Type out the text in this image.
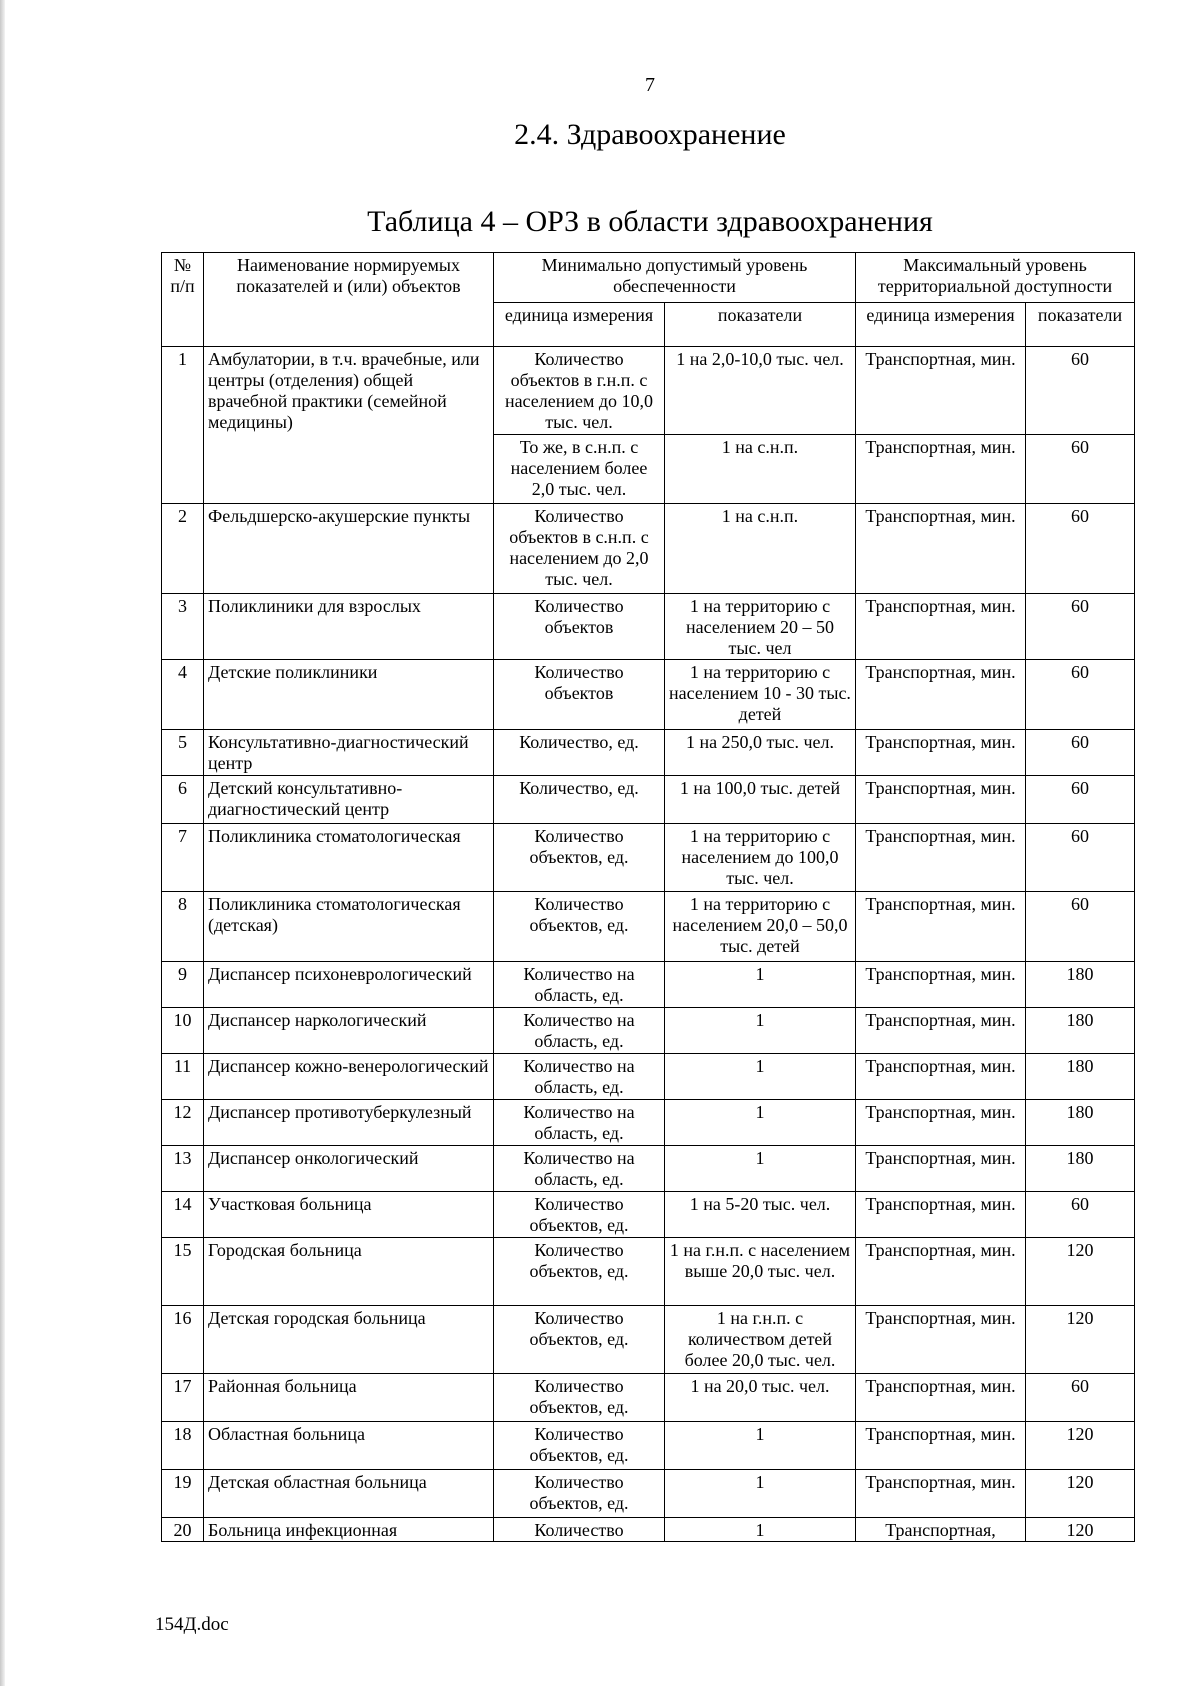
7
2.4. Здравоохранение
Таблица 4 – ОРЗ в области здравоохранения
№ п/п	Наименование нормируемых показателей и (или) объектов	Минимально допустимый уровень обеспеченности		Максимальный уровень территориальной доступности	
		единица измерения	показатели	единица измерения	показатели
1	Амбулатории, в т.ч. врачебные, или центры (отделения) общей врачебной практики (семейной медицины)	Количество объектов в г.н.п. с населением до 10,0 тыс. чел.	1 на 2,0-10,0 тыс. чел.	Транспортная, мин.	60
		То же, в с.н.п. с населением более 2,0 тыс. чел.	1 на с.н.п.	Транспортная, мин.	60
2	Фельдшерско-акушерские пункты	Количество объектов в с.н.п. с населением до 2,0 тыс. чел.	1 на с.н.п.	Транспортная, мин.	60
3	Поликлиники для взрослых	Количество объектов	1 на территорию с населением 20 – 50 тыс. чел	Транспортная, мин.	60
4	Детские поликлиники	Количество объектов	1 на территорию с населением 10 - 30 тыс. детей	Транспортная, мин.	60
5	Консультативно-диагностический центр	Количество, ед.	1 на 250,0 тыс. чел.	Транспортная, мин.	60
6	Детский консультативно-диагностический центр	Количество, ед.	1 на 100,0 тыс. детей	Транспортная, мин.	60
7	Поликлиника стоматологическая	Количество объектов, ед.	1 на территорию с населением до 100,0 тыс. чел.	Транспортная, мин.	60
8	Поликлиника стоматологическая (детская)	Количество объектов, ед.	1 на территорию с населением 20,0 – 50,0 тыс. детей	Транспортная, мин.	60
9	Диспансер психоневрологический	Количество на область, ед.	1	Транспортная, мин.	180
10	Диспансер наркологический	Количество на область, ед.	1	Транспортная, мин.	180
11	Диспансер кожно-венерологический	Количество на область, ед.	1	Транспортная, мин.	180
12	Диспансер противотуберкулезный	Количество на область, ед.	1	Транспортная, мин.	180
13	Диспансер онкологический	Количество на область, ед.	1	Транспортная, мин.	180
14	Участковая больница	Количество объектов, ед.	1 на 5-20 тыс. чел.	Транспортная, мин.	60
15	Городская больница	Количество объектов, ед.	1 на г.н.п. с населением выше 20,0 тыс. чел.	Транспортная, мин.	120
16	Детская городская больница	Количество объектов, ед.	1 на г.н.п. с количеством детей более 20,0 тыс. чел.	Транспортная, мин.	120
17	Районная больница	Количество объектов, ед.	1 на 20,0 тыс. чел.	Транспортная, мин.	60
18	Областная больница	Количество объектов, ед.	1	Транспортная, мин.	120
19	Детская областная больница	Количество объектов, ед.	1	Транспортная, мин.	120
20	Больница инфекционная	Количество	1	Транспортная,	120
154Д.doc
